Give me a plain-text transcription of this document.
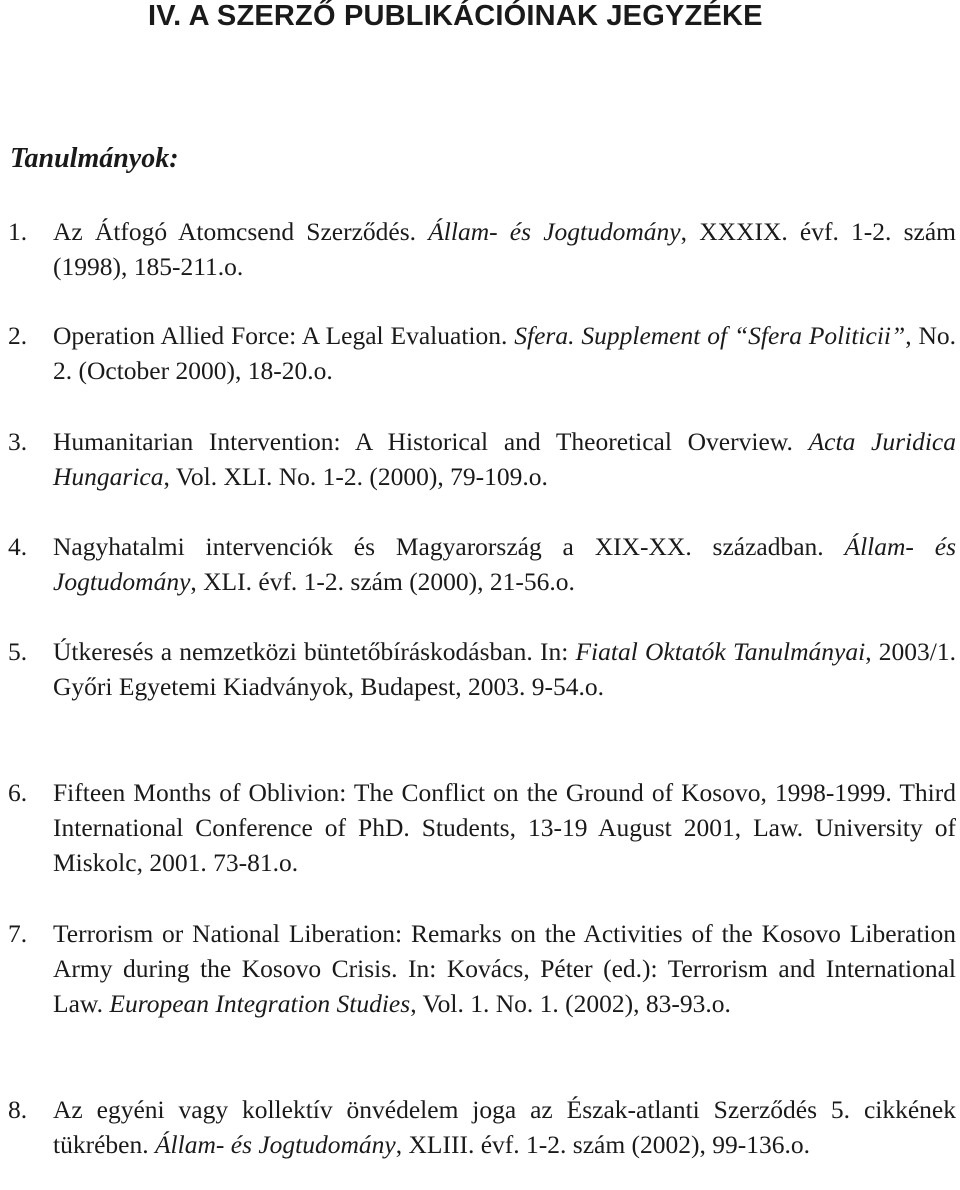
IV. A SZERZŐ PUBLIKÁCIÓINAK JEGYZÉKE
Tanulmányok:
1. Az Átfogó Atomcsend Szerződés. Állam- és Jogtudomány, XXXIX. évf. 1-2. szám (1998), 185-211.o.
2. Operation Allied Force: A Legal Evaluation. Sfera. Supplement of “Sfera Politicii”, No. 2. (October 2000), 18-20.o.
3. Humanitarian Intervention: A Historical and Theoretical Overview. Acta Juridica Hungarica, Vol. XLI. No. 1-2. (2000), 79-109.o.
4. Nagyhatalmi intervenciók és Magyarország a XIX-XX. században. Állam- és Jogtudomány, XLI. évf. 1-2. szám (2000), 21-56.o.
5. Útkeresés a nemzetközi büntetőbíráskodásban. In: Fiatal Oktatók Tanulmányai, 2003/1. Győri Egyetemi Kiadványok, Budapest, 2003. 9-54.o.
6. Fifteen Months of Oblivion: The Conflict on the Ground of Kosovo, 1998-1999. Third International Conference of PhD. Students, 13-19 August 2001, Law. University of Miskolc, 2001. 73-81.o.
7. Terrorism or National Liberation: Remarks on the Activities of the Kosovo Liberation Army during the Kosovo Crisis. In: Kovács, Péter (ed.): Terrorism and International Law. European Integration Studies, Vol. 1. No. 1. (2002), 83-93.o.
8. Az egyéni vagy kollektív önvédelem joga az Észak-atlanti Szerződés 5. cikkének tükrében. Állam- és Jogtudomány, XLIII. évf. 1-2. szám (2002), 99-136.o.
